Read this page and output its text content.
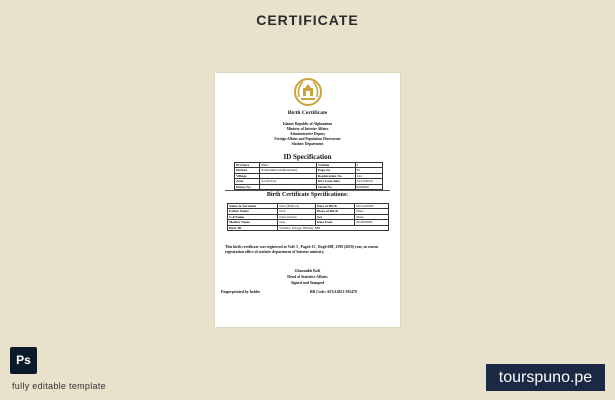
CERTIFICATE
Birth Certificate
Islamic Republic of Afghanistan
Ministry of Interior Affairs
Administrative Deputy
Foreign Affairs and Population Directorate
Statistic Department
ID Specification
Province	Binrt	Volume	3
District	Pashtunkhwah(Beaubhat)	Page No	50
Village		Registration No	144
Zone	South East	ID's Issue date	23/10/2020
House No		Serial No	0000000
Birth Certificate Specifications:
Name & Surname	John (Ellison)	Date of Birth	00/Jan/0000
Father Name	Jack	Place of Birth	Binrt
G.F.Name	John Gittens	Sex	Male
Mother Name	Jane	Date Issue	00/00/0000
Elect ID	Volume: 6 Page: 88 Reg: 888		
This birth certificate was registered at Vol# 3 , Page#:13 , Reg#:688, 1399 (2019) year, in census registration office of statistic department of Interior ministry.
Gharzaikh Kolt
Head of Statistics Affairs
Signed and Stamped
Fingerprinted by holder	BR Code: AFG14021-382478
Ps
fully editable template	tourspuno.pe
